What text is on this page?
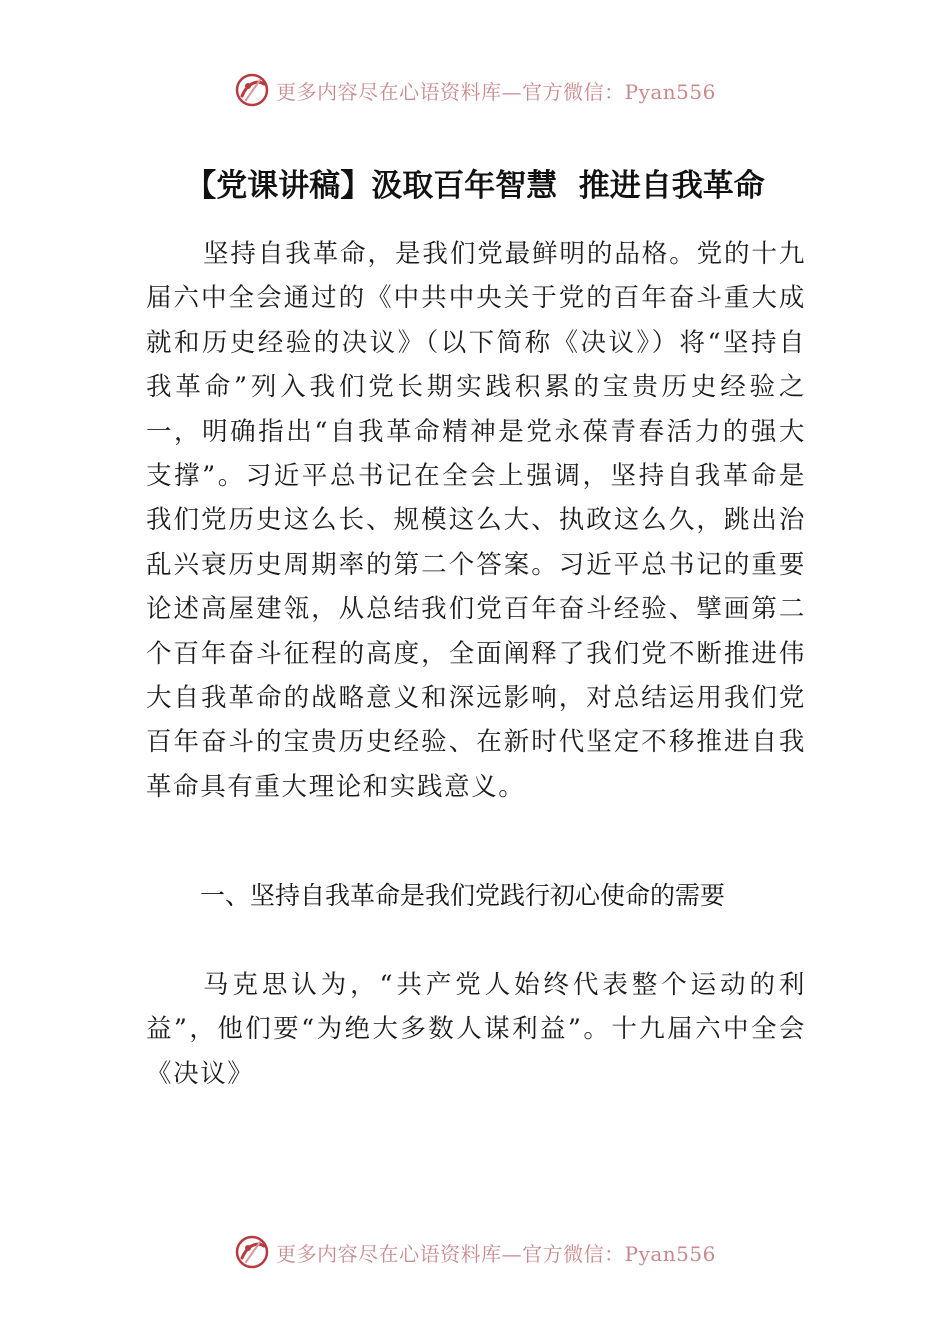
更多内容尽在心语资料库—官方微信：Pyan556
【党课讲稿】汲取百年智慧  推进自我革命

坚持自我革命，是我们党最鲜明的品格。党的十九届六中全会通过的《中共中央关于党的百年奋斗重大成就和历史经验的决议》（以下简称《决议》）将“坚持自我革命”列入我们党长期实践积累的宝贵历史经验之一，明确指出“自我革命精神是党永葆青春活力的强大支撑”。习近平总书记在全会上强调，坚持自我革命是我们党历史这么长、规模这么大、执政这么久，跳出治乱兴衰历史周期率的第二个答案。习近平总书记的重要论述高屋建瓴，从总结我们党百年奋斗经验、擘画第二个百年奋斗征程的高度，全面阐释了我们党不断推进伟大自我革命的战略意义和深远影响，对总结运用我们党百年奋斗的宝贵历史经验、在新时代坚定不移推进自我革命具有重大理论和实践意义。

一、坚持自我革命是我们党践行初心使命的需要

马克思认为，“共产党人始终代表整个运动的利益”，他们要“为绝大多数人谋利益”。十九届六中全会《决议》

更多内容尽在心语资料库—官方微信：Pyan556
